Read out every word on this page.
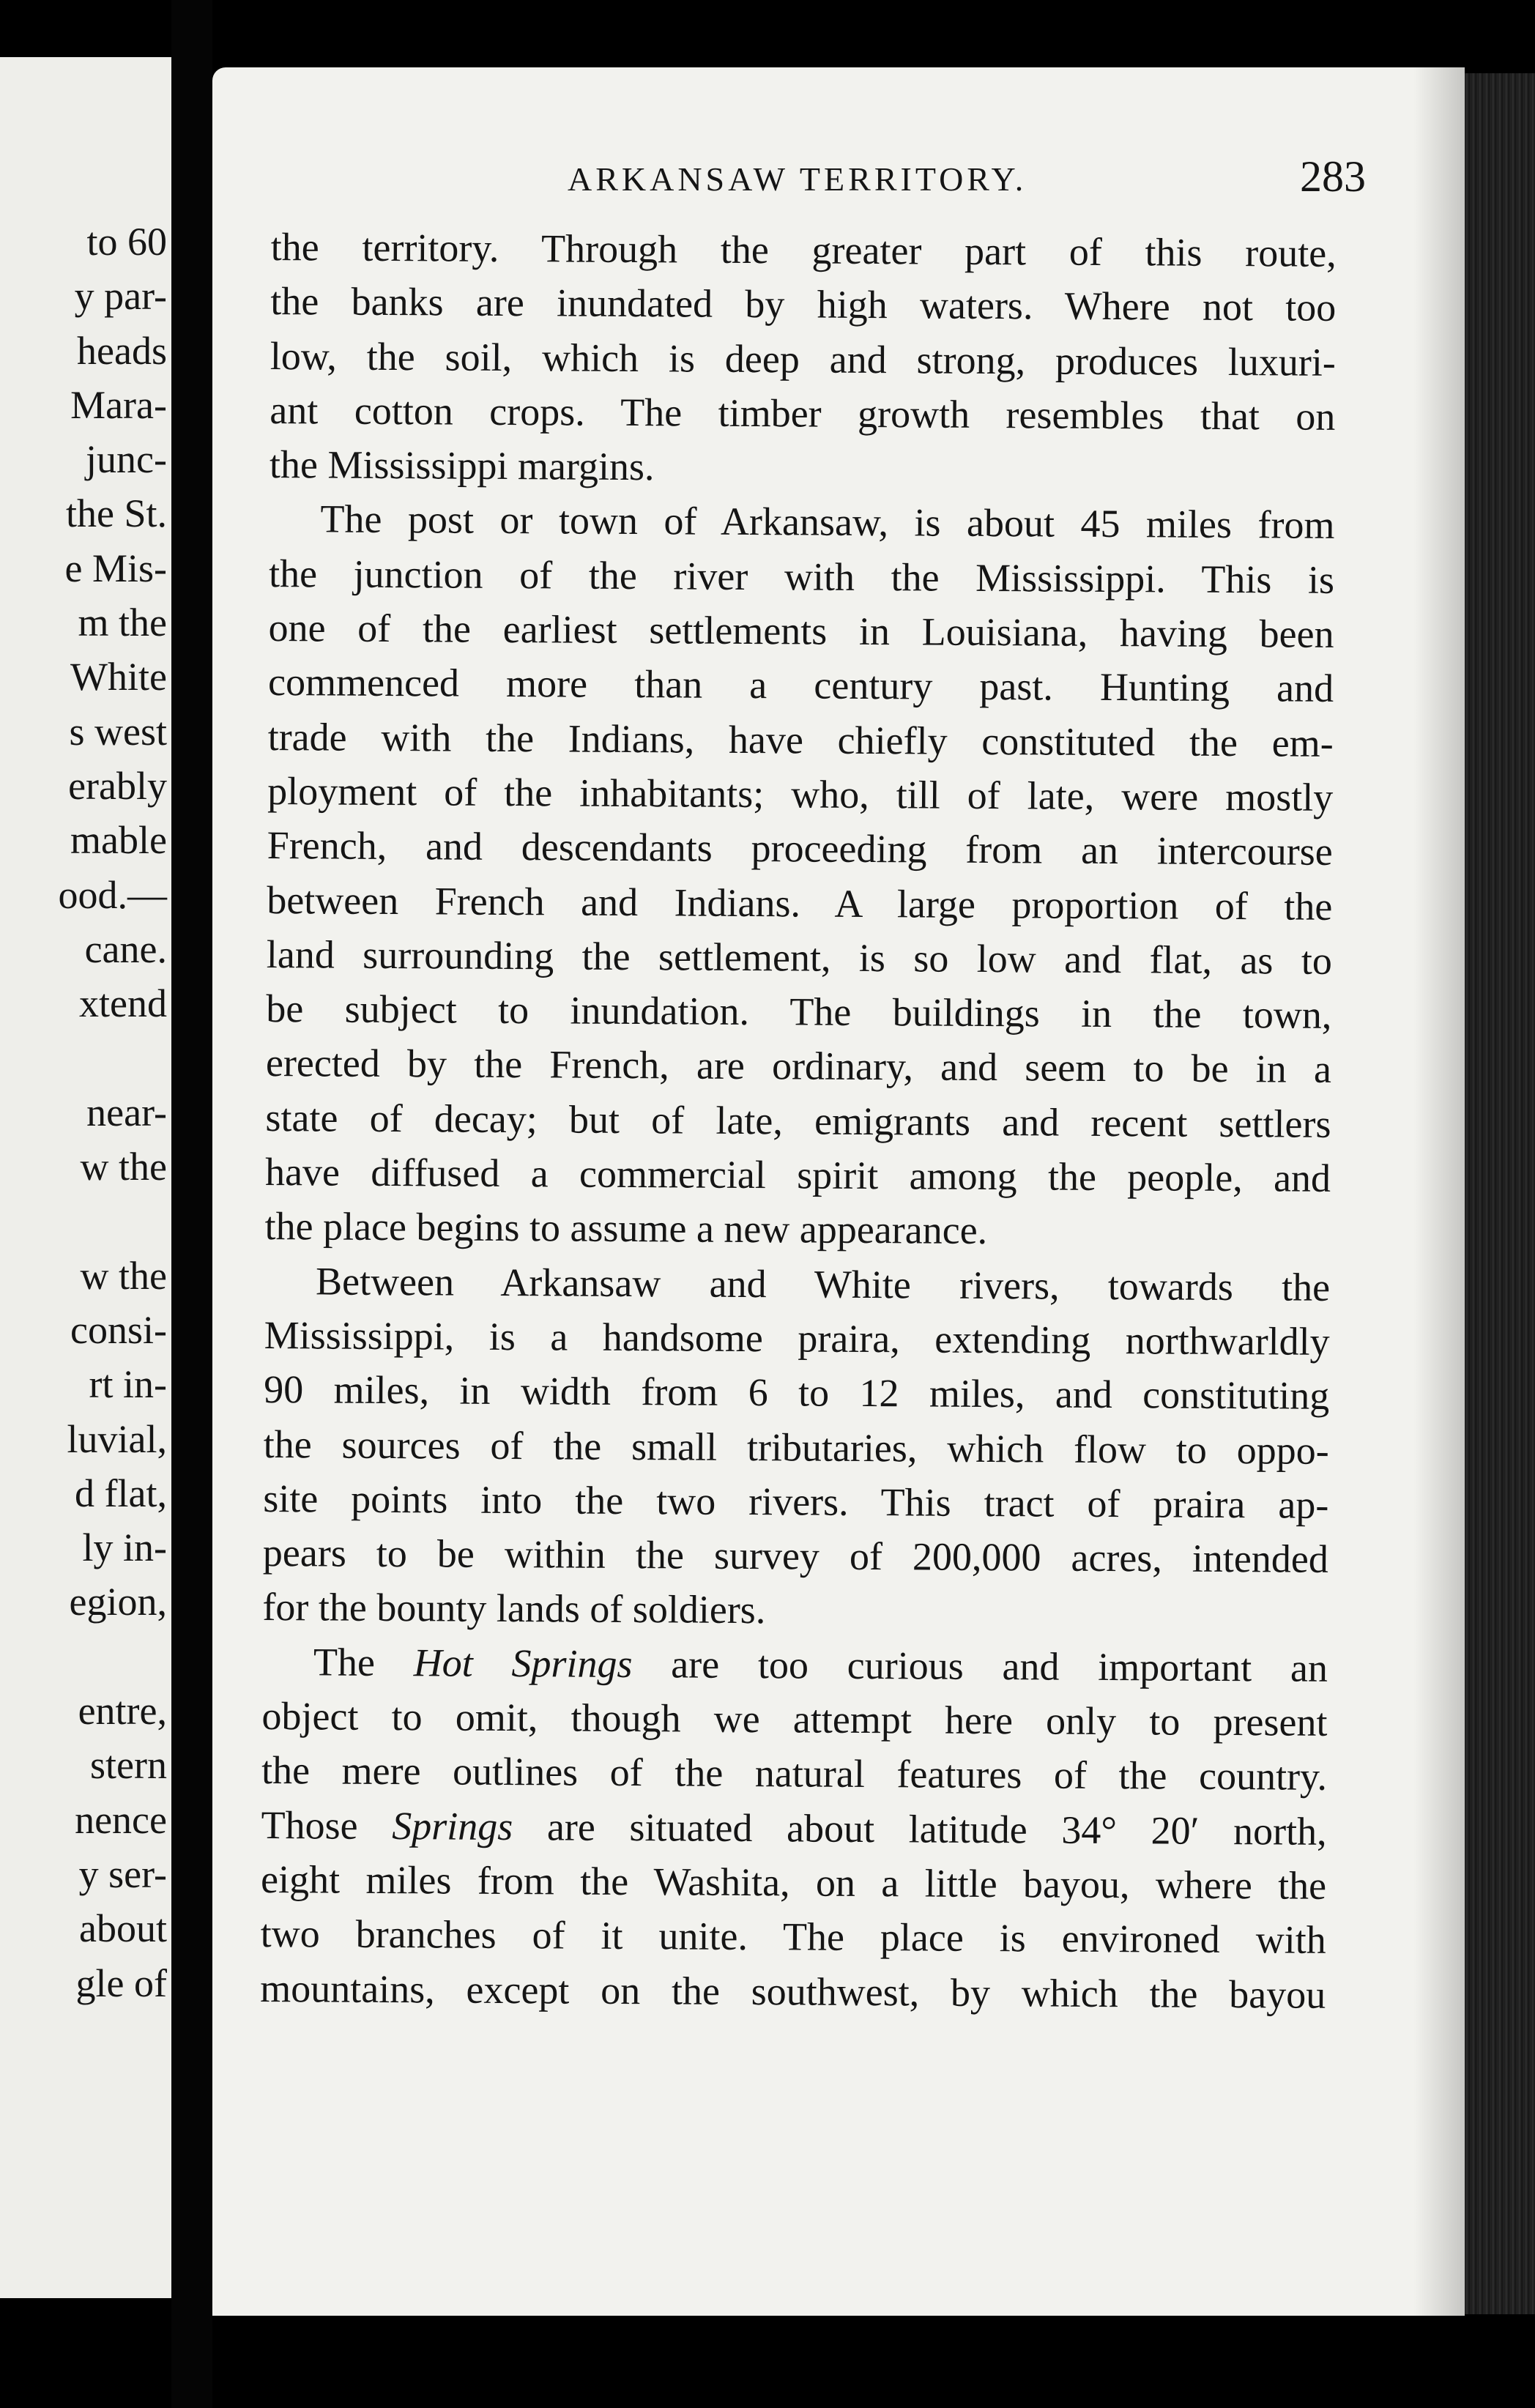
to 60
y par-
heads
Mara-
junc-
the St.
e Mis-
m the
White
s west
erably
mable
ood.—
cane.
xtend
near-
w the
w the
consi-
rt in-
luvial,
d flat,
ly in-
egion,
entre,
stern
nence
y ser-
about
gle of
ARKANSAW TERRITORY.	283
the territory. Through the greater part of this route,
the banks are inundated by high waters. Where not too
low, the soil, which is deep and strong, produces luxuri-
ant cotton crops. The timber growth resembles that on
the Mississippi margins.
The post or town of Arkansaw, is about 45 miles from
the junction of the river with the Mississippi. This is
one of the earliest settlements in Louisiana, having been
commenced more than a century past. Hunting and
trade with the Indians, have chiefly constituted the em-
ployment of the inhabitants; who, till of late, were mostly
French, and descendants proceeding from an intercourse
between French and Indians. A large proportion of the
land surrounding the settlement, is so low and flat, as to
be subject to inundation. The buildings in the town,
erected by the French, are ordinary, and seem to be in a
state of decay; but of late, emigrants and recent settlers
have diffused a commercial spirit among the people, and
the place begins to assume a new appearance.
Between Arkansaw and White rivers, towards the
Mississippi, is a handsome praira, extending northwarldly
90 miles, in width from 6 to 12 miles, and constituting
the sources of the small tributaries, which flow to oppo-
site points into the two rivers. This tract of praira ap-
pears to be within the survey of 200,000 acres, intended
for the bounty lands of soldiers.
The Hot Springs are too curious and important an
object to omit, though we attempt here only to present
the mere outlines of the natural features of the country.
Those Springs are situated about latitude 34° 20′ north,
eight miles from the Washita, on a little bayou, where the
two branches of it unite. The place is environed with
mountains, except on the southwest, by which the bayou
